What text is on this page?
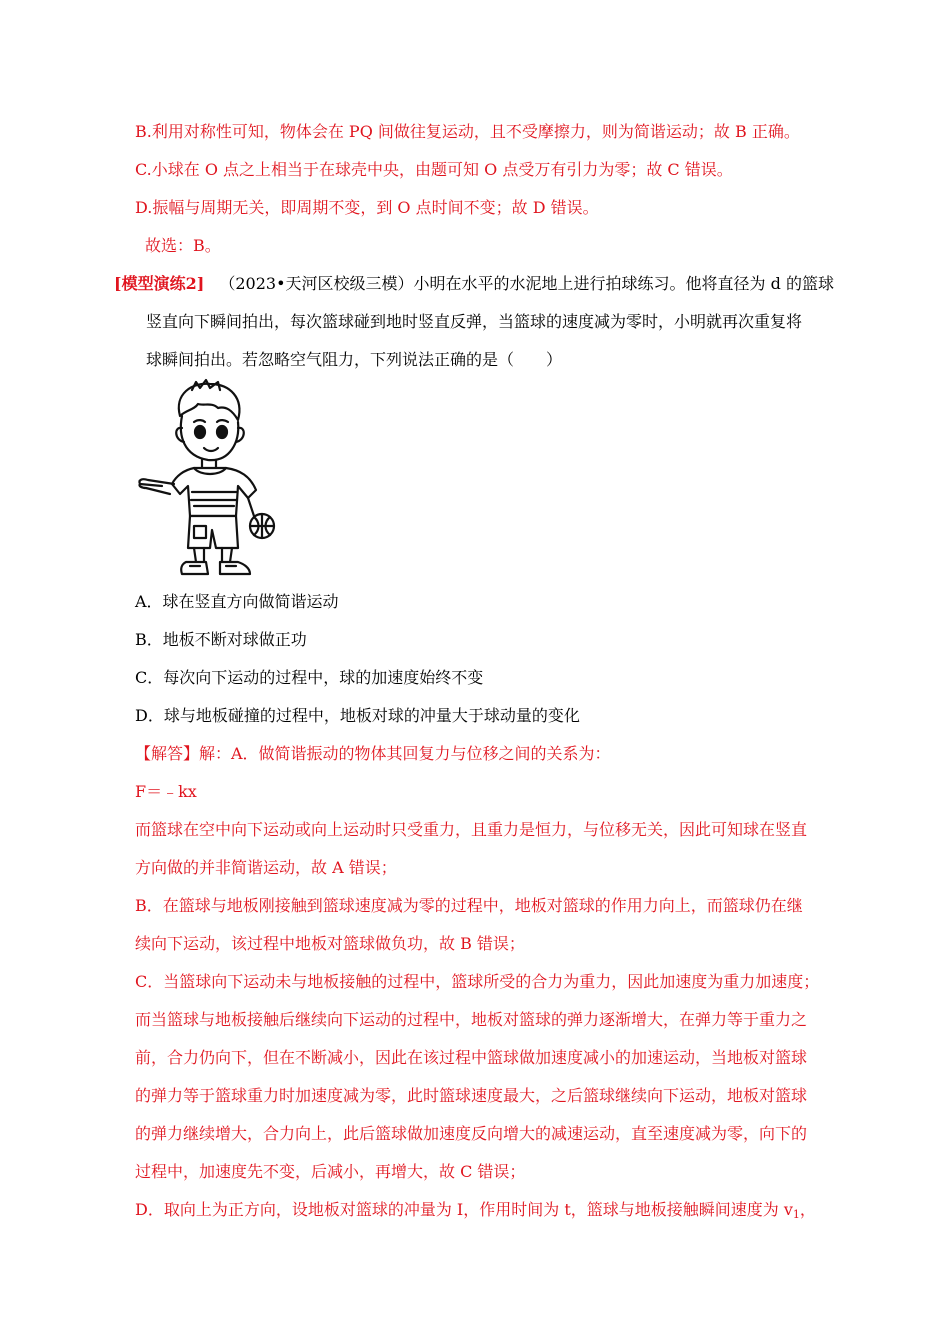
B.利用对称性可知，物体会在 PQ 间做往复运动，且不受摩擦力，则为简谐运动；故 B 正确。
C.小球在 O 点之上相当于在球壳中央，由题可知 O 点受万有引力为零；故 C 错误。
D.振幅与周期无关，即周期不变，到 O 点时间不变；故 D 错误。
故选：B。
[模型演练2] （2023•天河区校级三模）小明在水平的水泥地上进行拍球练习。他将直径为 d 的篮球
竖直向下瞬间拍出，每次篮球碰到地时竖直反弹，当篮球的速度减为零时，小明就再次重复将
球瞬间拍出。若忽略空气阻力，下列说法正确的是（　　）
A．球在竖直方向做简谐运动
B．地板不断对球做正功
C．每次向下运动的过程中，球的加速度始终不变
D．球与地板碰撞的过程中，地板对球的冲量大于球动量的变化
【解答】解：A．做简谐振动的物体其回复力与位移之间的关系为：
F＝﹣kx
而篮球在空中向下运动或向上运动时只受重力，且重力是恒力，与位移无关，因此可知球在竖直
方向做的并非简谐运动，故 A 错误；
B．在篮球与地板刚接触到篮球速度减为零的过程中，地板对篮球的作用力向上，而篮球仍在继
续向下运动，该过程中地板对篮球做负功，故 B 错误；
C．当篮球向下运动未与地板接触的过程中，篮球所受的合力为重力，因此加速度为重力加速度；
而当篮球与地板接触后继续向下运动的过程中，地板对篮球的弹力逐渐增大，在弹力等于重力之
前，合力仍向下，但在不断减小，因此在该过程中篮球做加速度减小的加速运动，当地板对篮球
的弹力等于篮球重力时加速度减为零，此时篮球速度最大，之后篮球继续向下运动，地板对篮球
的弹力继续增大，合力向上，此后篮球做加速度反向增大的减速运动，直至速度减为零，向下的
过程中，加速度先不变，后减小，再增大，故 C 错误；
D．取向上为正方向，设地板对篮球的冲量为 I，作用时间为 t，篮球与地板接触瞬间速度为 $v_1$，
